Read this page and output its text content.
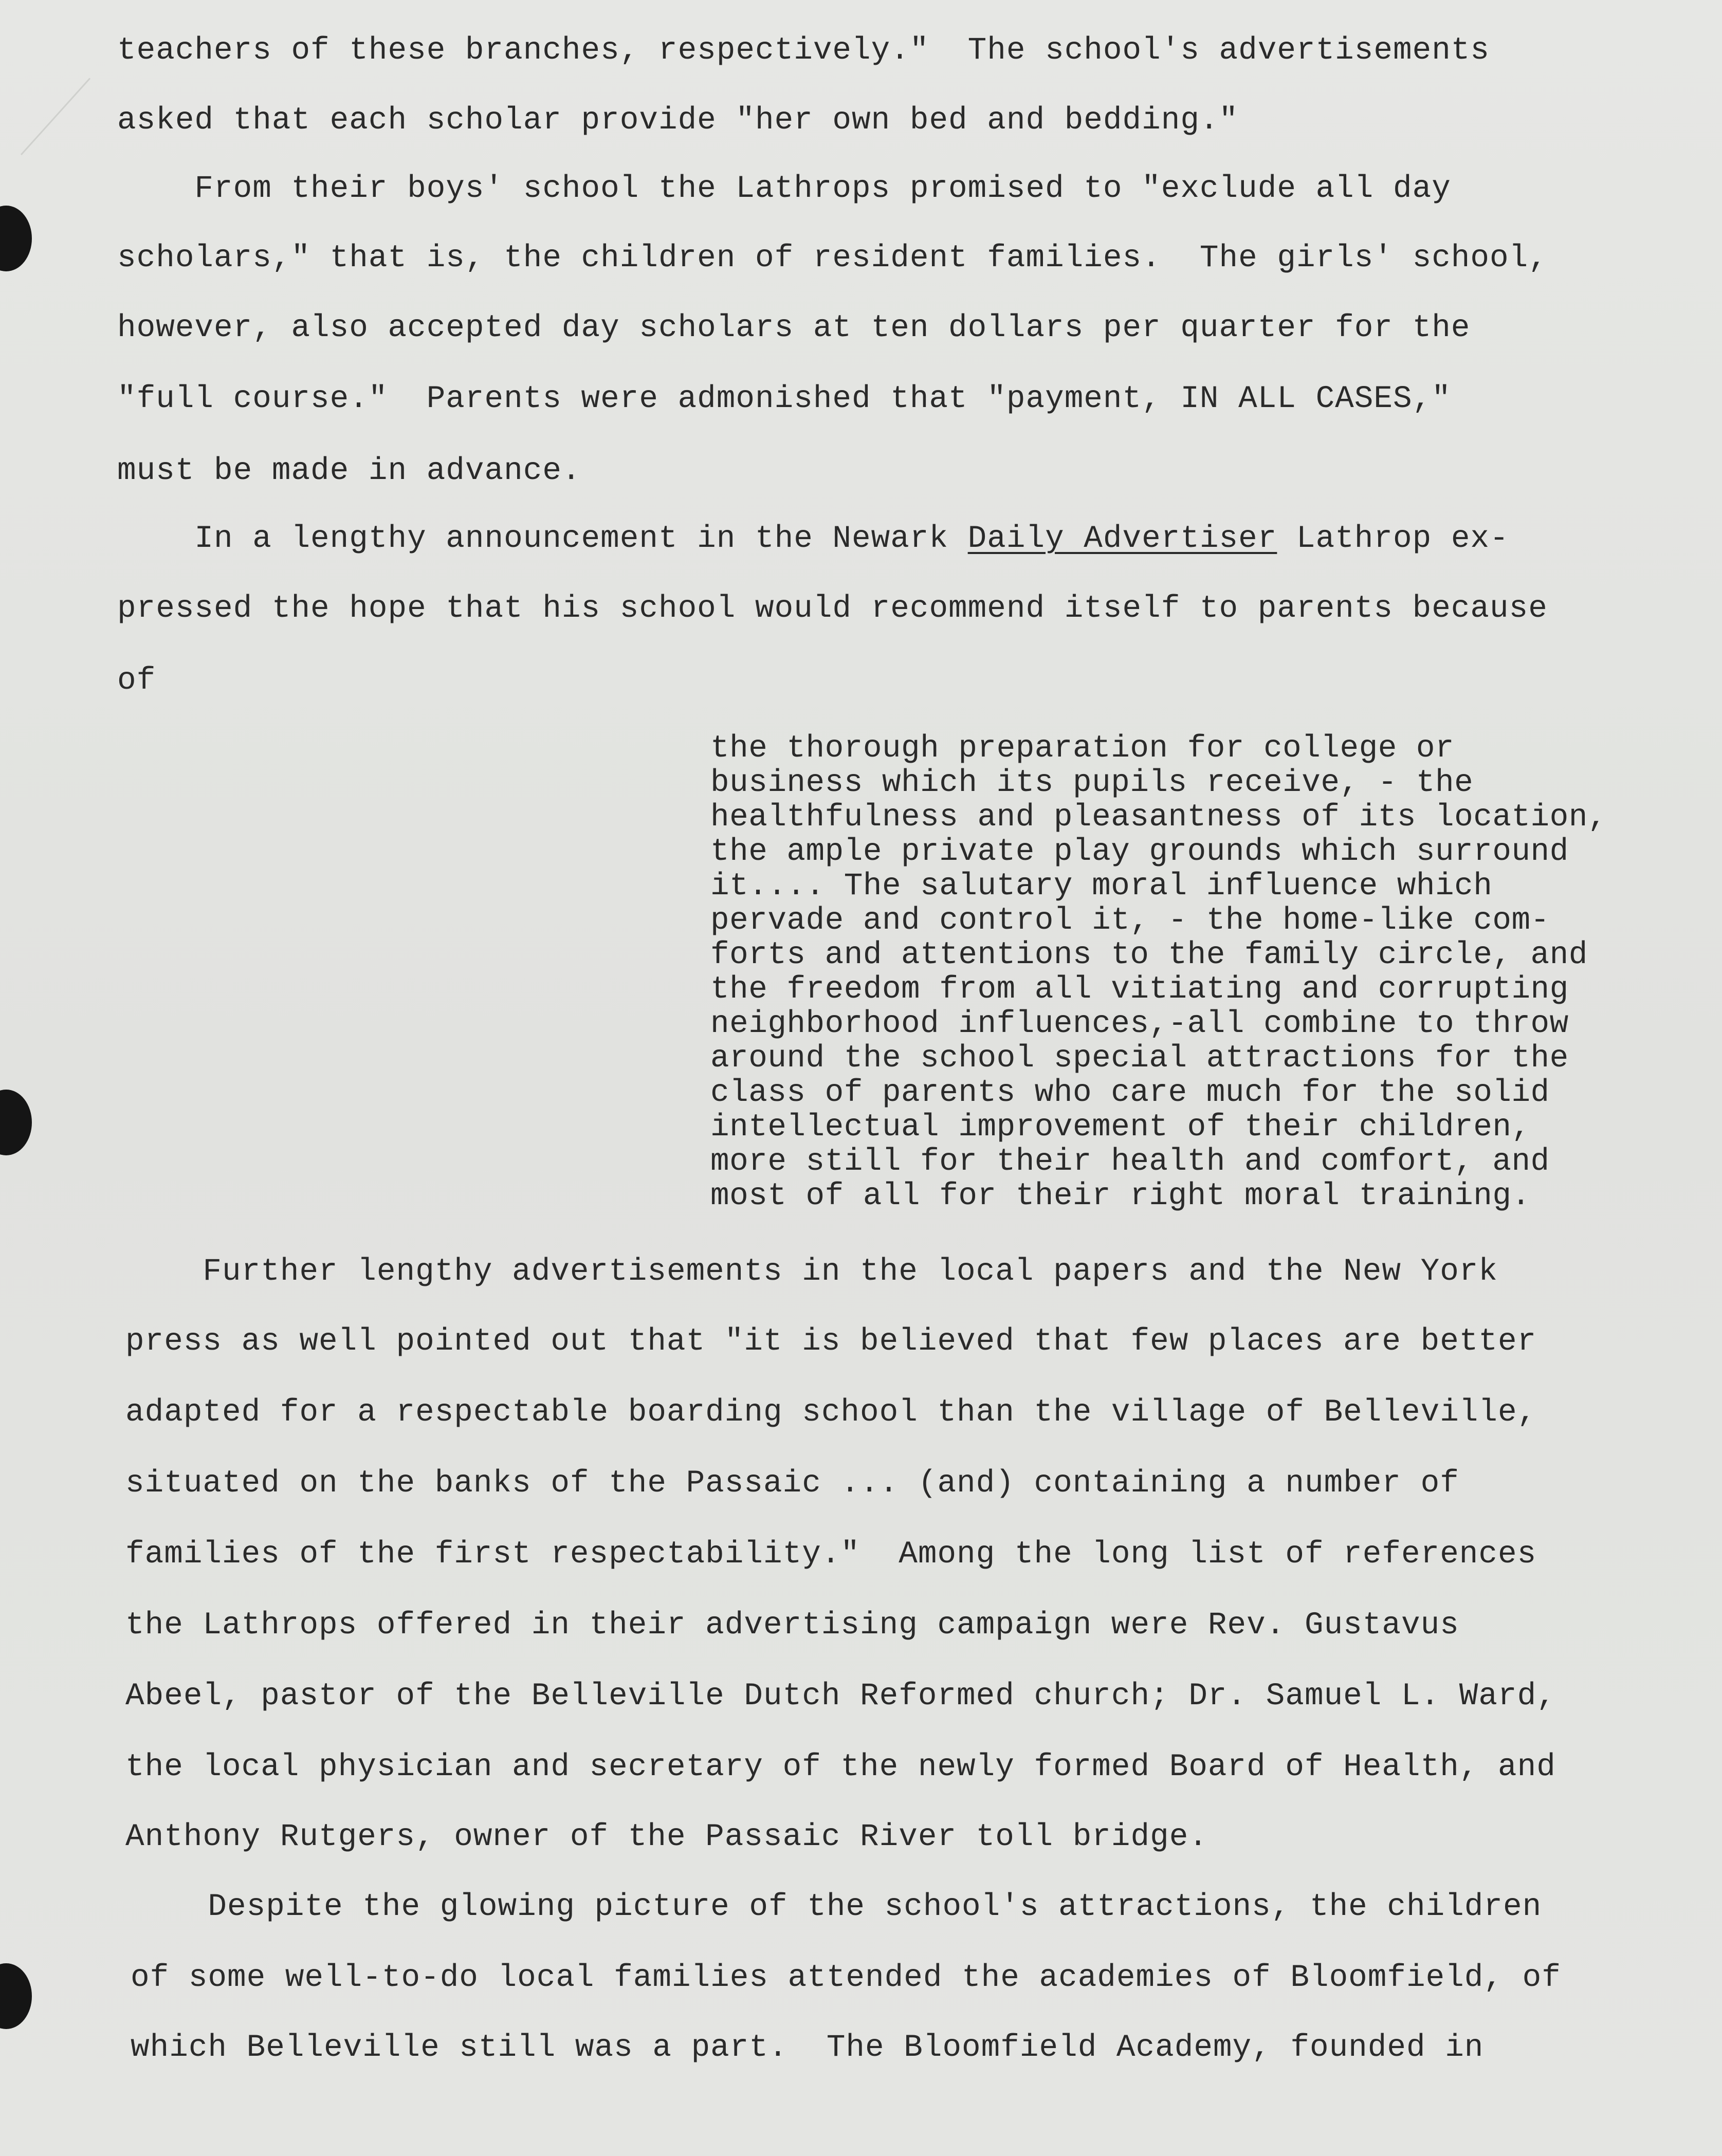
teachers of these branches, respectively."  The school's advertisements
asked that each scholar provide "her own bed and bedding."
From their boys' school the Lathrops promised to "exclude all day
scholars," that is, the children of resident families.  The girls' school,
however, also accepted day scholars at ten dollars per quarter for the
"full course."  Parents were admonished that "payment, IN ALL CASES,"
must be made in advance.
In a lengthy announcement in the Newark Daily Advertiser Lathrop ex-
pressed the hope that his school would recommend itself to parents because
of
the thorough preparation for college or
business which its pupils receive, - the
healthfulness and pleasantness of its location,
the ample private play grounds which surround
it.... The salutary moral influence which
pervade and control it, - the home-like com-
forts and attentions to the family circle, and
the freedom from all vitiating and corrupting
neighborhood influences,-all combine to throw
around the school special attractions for the
class of parents who care much for the solid
intellectual improvement of their children,
more still for their health and comfort, and
most of all for their right moral training.
Further lengthy advertisements in the local papers and the New York
press as well pointed out that "it is believed that few places are better
adapted for a respectable boarding school than the village of Belleville,
situated on the banks of the Passaic ... (and) containing a number of
families of the first respectability."  Among the long list of references
the Lathrops offered in their advertising campaign were Rev. Gustavus
Abeel, pastor of the Belleville Dutch Reformed church; Dr. Samuel L. Ward,
the local physician and secretary of the newly formed Board of Health, and
Anthony Rutgers, owner of the Passaic River toll bridge.
Despite the glowing picture of the school's attractions, the children
of some well-to-do local families attended the academies of Bloomfield, of
which Belleville still was a part.  The Bloomfield Academy, founded in
